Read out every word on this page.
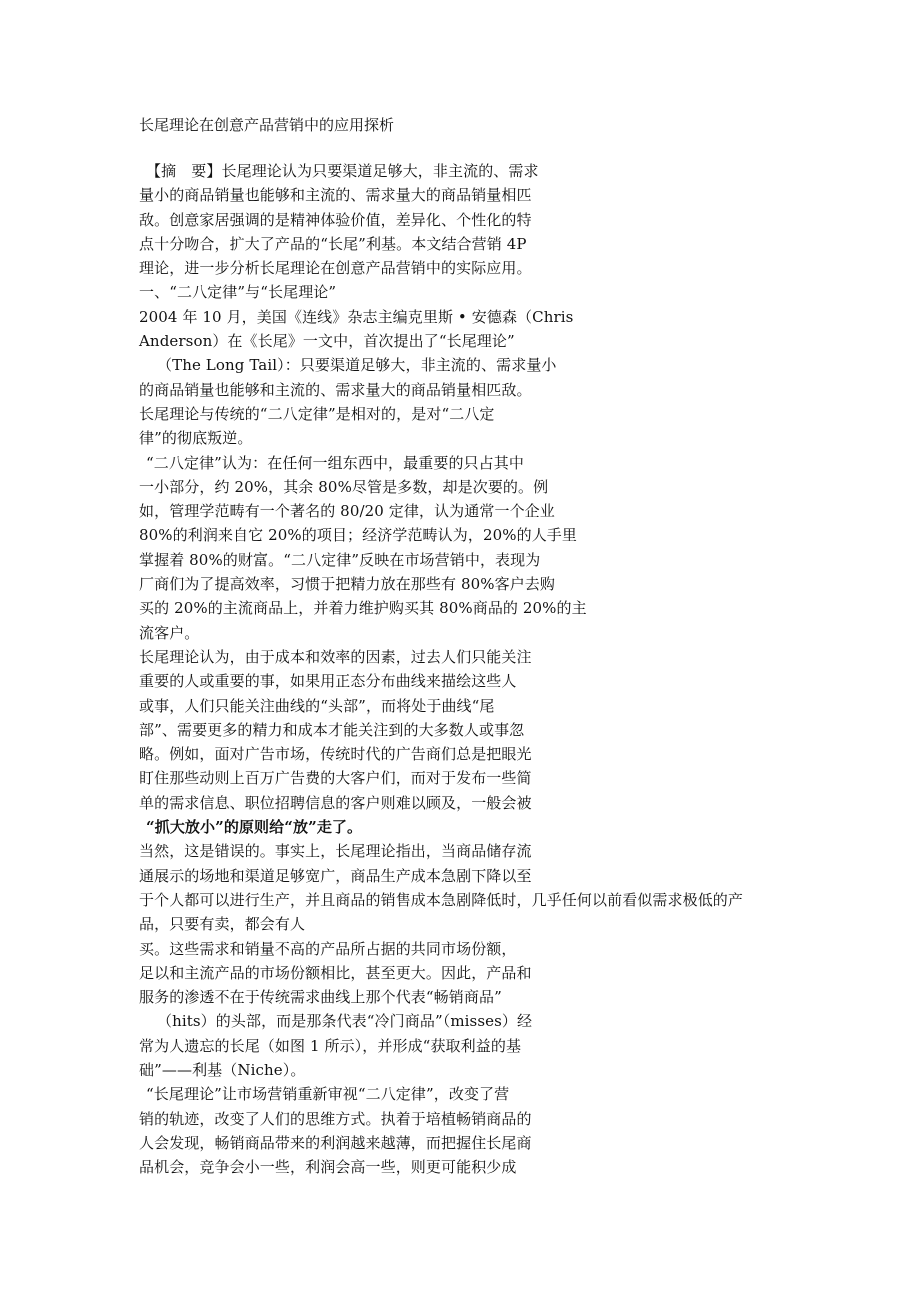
长尾理论在创意产品营销中的应用探析
【摘　要】长尾理论认为只要渠道足够大，非主流的、需求
量小的商品销量也能够和主流的、需求量大的商品销量相匹
敌。创意家居强调的是精神体验价值，差异化、个性化的特
点十分吻合，扩大了产品的“长尾”利基。本文结合营销 4P
理论，进一步分析长尾理论在创意产品营销中的实际应用。
一、“二八定律”与“长尾理论”
2004 年 10 月，美国《连线》杂志主编克里斯 • 安德森（Chris
Anderson）在《长尾》一文中，首次提出了“长尾理论”
（The Long Tail）：只要渠道足够大，非主流的、需求量小
的商品销量也能够和主流的、需求量大的商品销量相匹敌。
长尾理论与传统的“二八定律”是相对的，是对“二八定
律”的彻底叛逆。
“二八定律”认为：在任何一组东西中，最重要的只占其中
一小部分，约 20%，其余 80%尽管是多数，却是次要的。例
如，管理学范畴有一个著名的 80/20 定律，认为通常一个企业
80%的利润来自它 20%的项目；经济学范畴认为，20%的人手里
掌握着 80%的财富。“二八定律”反映在市场营销中，表现为
厂商们为了提高效率，习惯于把精力放在那些有 80%客户去购
买的 20%的主流商品上，并着力维护购买其 80%商品的 20%的主
流客户。
长尾理论认为，由于成本和效率的因素，过去人们只能关注
重要的人或重要的事，如果用正态分布曲线来描绘这些人
或事，人们只能关注曲线的“头部”，而将处于曲线“尾
部”、需要更多的精力和成本才能关注到的大多数人或事忽
略。例如，面对广告市场，传统时代的广告商们总是把眼光
盯住那些动则上百万广告费的大客户们，而对于发布一些简
单的需求信息、职位招聘信息的客户则难以顾及，一般会被
“抓大放小”的原则给“放”走了。
当然，这是错误的。事实上，长尾理论指出，当商品储存流
通展示的场地和渠道足够宽广，商品生产成本急剧下降以至
于个人都可以进行生产，并且商品的销售成本急剧降低时，几乎任何以前看似需求极低的产
品，只要有卖，都会有人
买。这些需求和销量不高的产品所占据的共同市场份额，
足以和主流产品的市场份额相比，甚至更大。因此，产品和
服务的渗透不在于传统需求曲线上那个代表“畅销商品”
（hits）的头部，而是那条代表“冷门商品”（misses）经
常为人遗忘的长尾（如图 1 所示），并形成“获取利益的基
础”——利基（Niche）。
“长尾理论”让市场营销重新审视“二八定律”，改变了营
销的轨迹，改变了人们的思维方式。执着于培植畅销商品的
人会发现，畅销商品带来的利润越来越薄，而把握住长尾商
品机会，竞争会小一些，利润会高一些，则更可能积少成
